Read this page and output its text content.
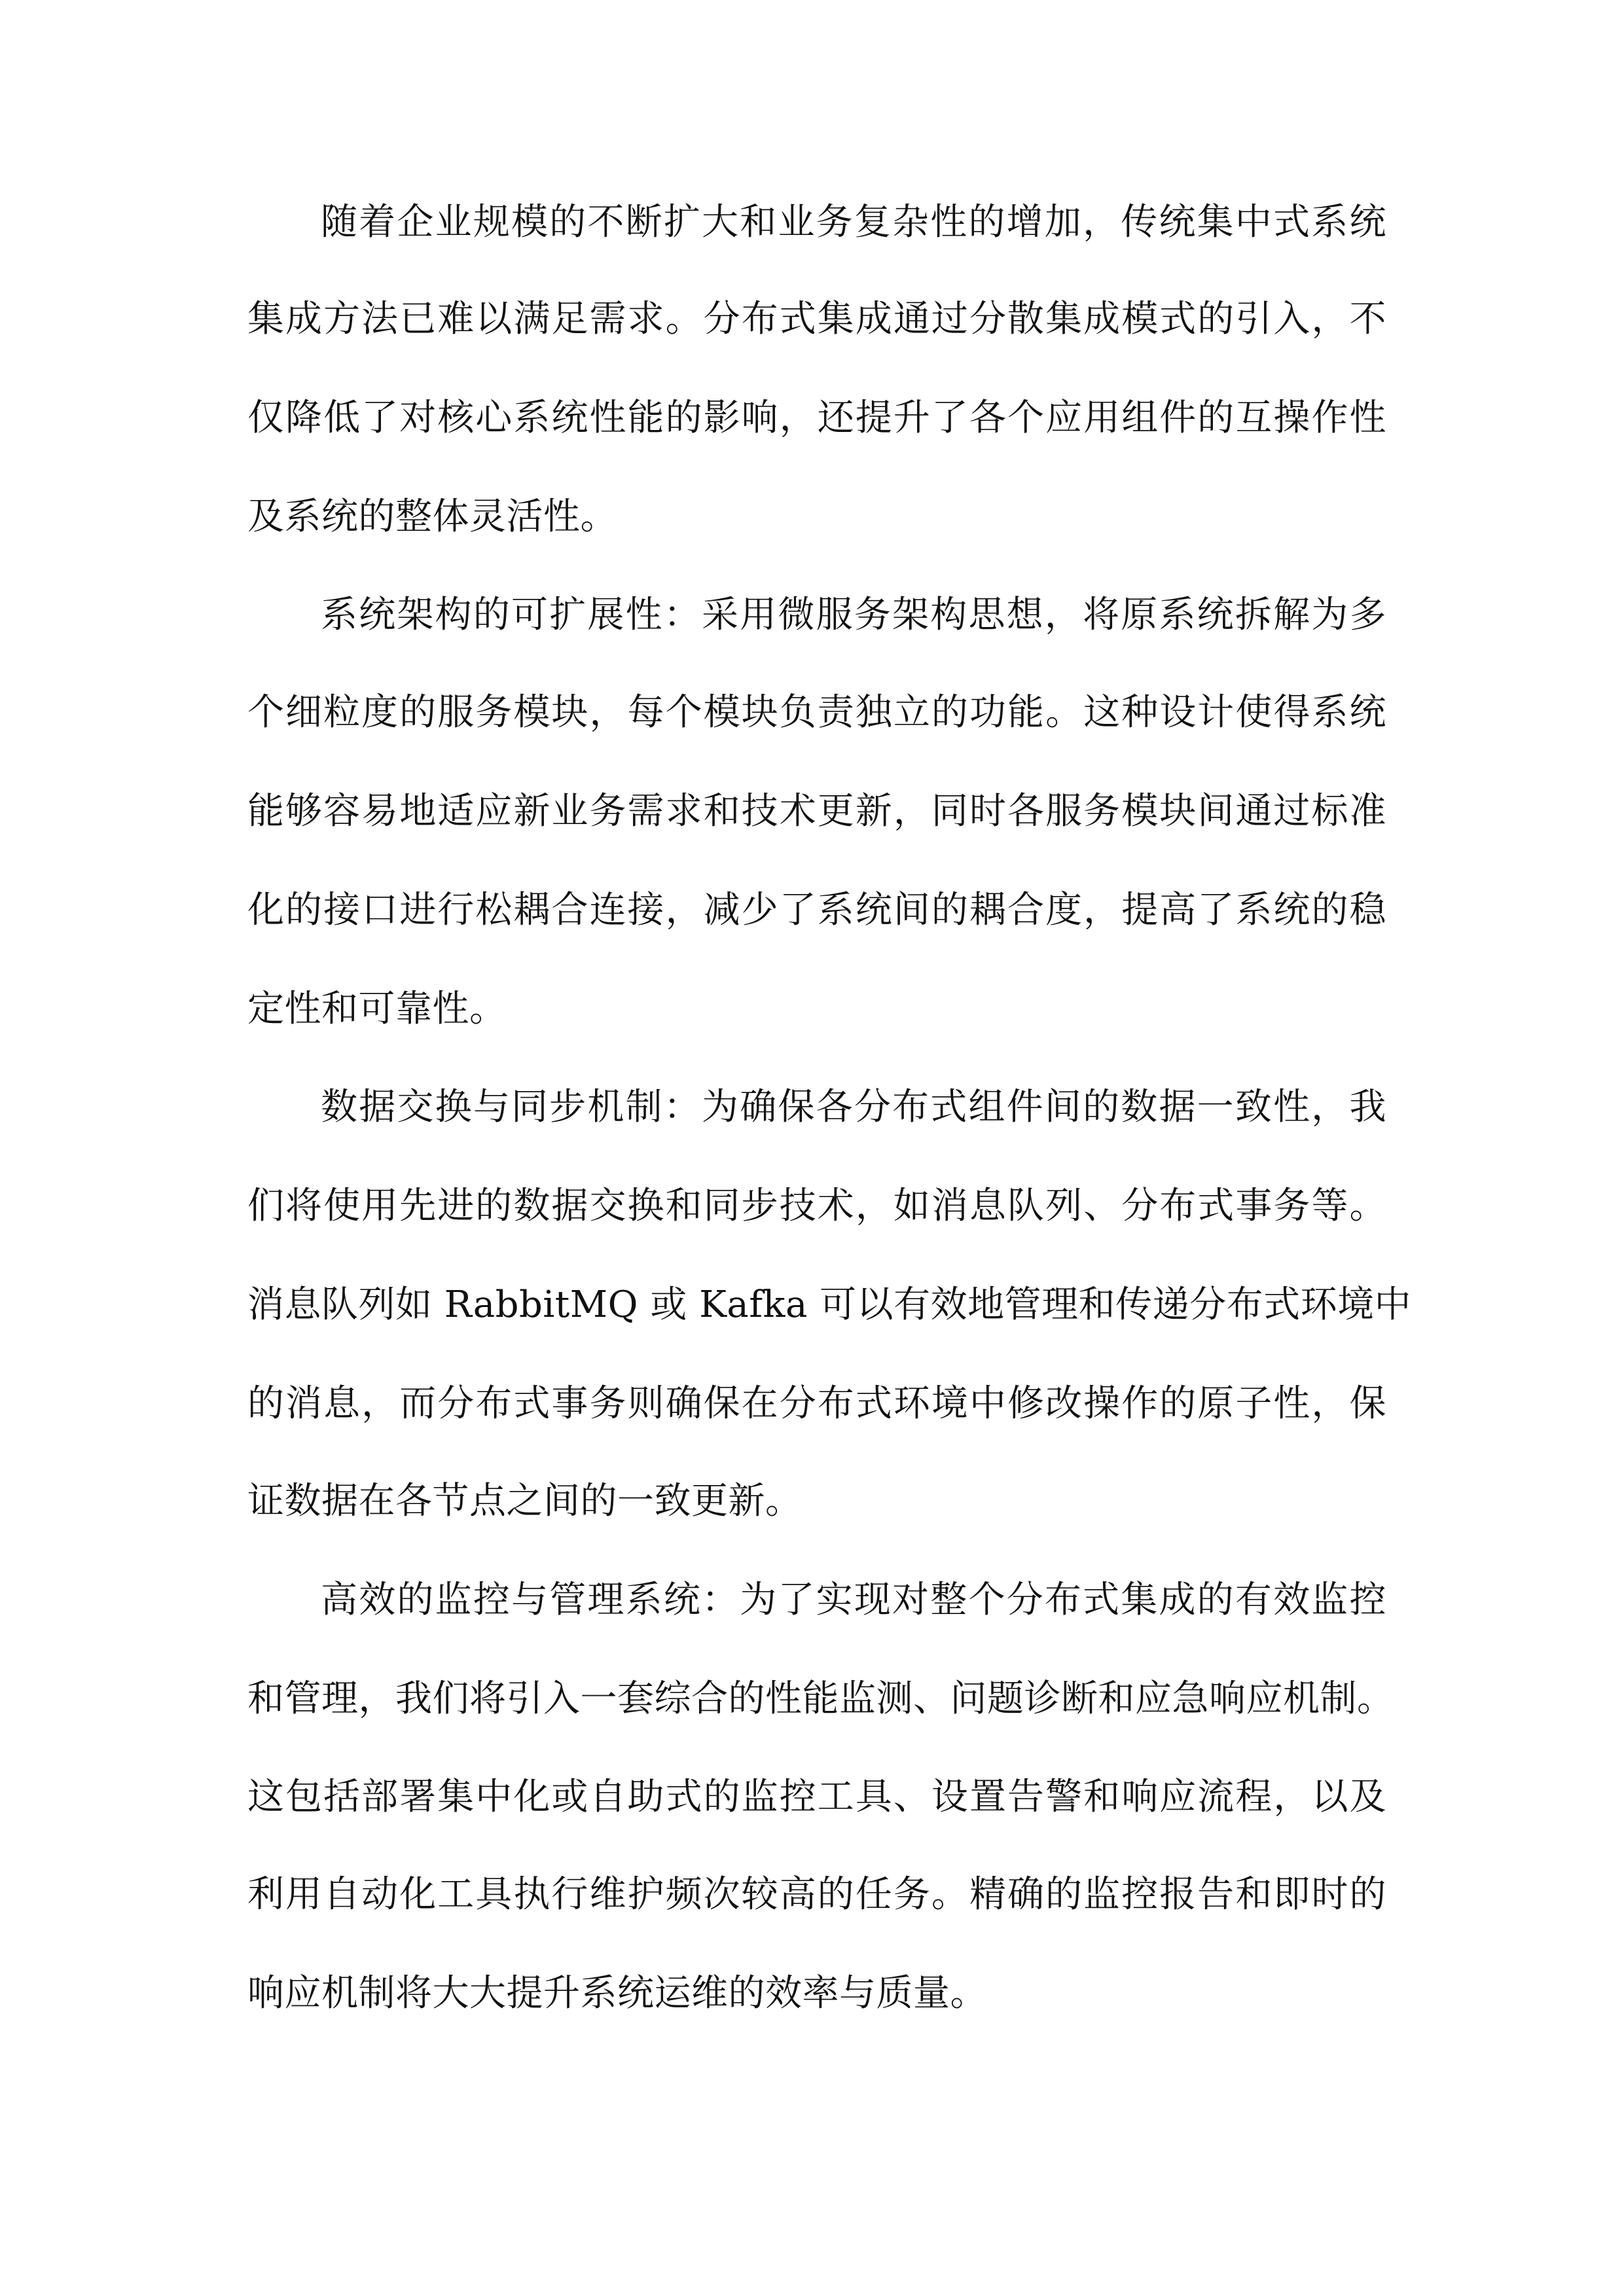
随着企业规模的不断扩大和业务复杂性的增加，传统集中式系统
集成方法已难以满足需求。分布式集成通过分散集成模式的引入，不
仅降低了对核心系统性能的影响，还提升了各个应用组件的互操作性
及系统的整体灵活性。
系统架构的可扩展性：采用微服务架构思想，将原系统拆解为多
个细粒度的服务模块，每个模块负责独立的功能。这种设计使得系统
能够容易地适应新业务需求和技术更新，同时各服务模块间通过标准
化的接口进行松耦合连接，减少了系统间的耦合度，提高了系统的稳
定性和可靠性。
数据交换与同步机制：为确保各分布式组件间的数据一致性，我
们将使用先进的数据交换和同步技术，如消息队列、分布式事务等。
消息队列如 RabbitMQ 或 Kafka 可以有效地管理和传递分布式环境中
的消息，而分布式事务则确保在分布式环境中修改操作的原子性，保
证数据在各节点之间的一致更新。
高效的监控与管理系统：为了实现对整个分布式集成的有效监控
和管理，我们将引入一套综合的性能监测、问题诊断和应急响应机制。
这包括部署集中化或自助式的监控工具、设置告警和响应流程，以及
利用自动化工具执行维护频次较高的任务。精确的监控报告和即时的
响应机制将大大提升系统运维的效率与质量。
